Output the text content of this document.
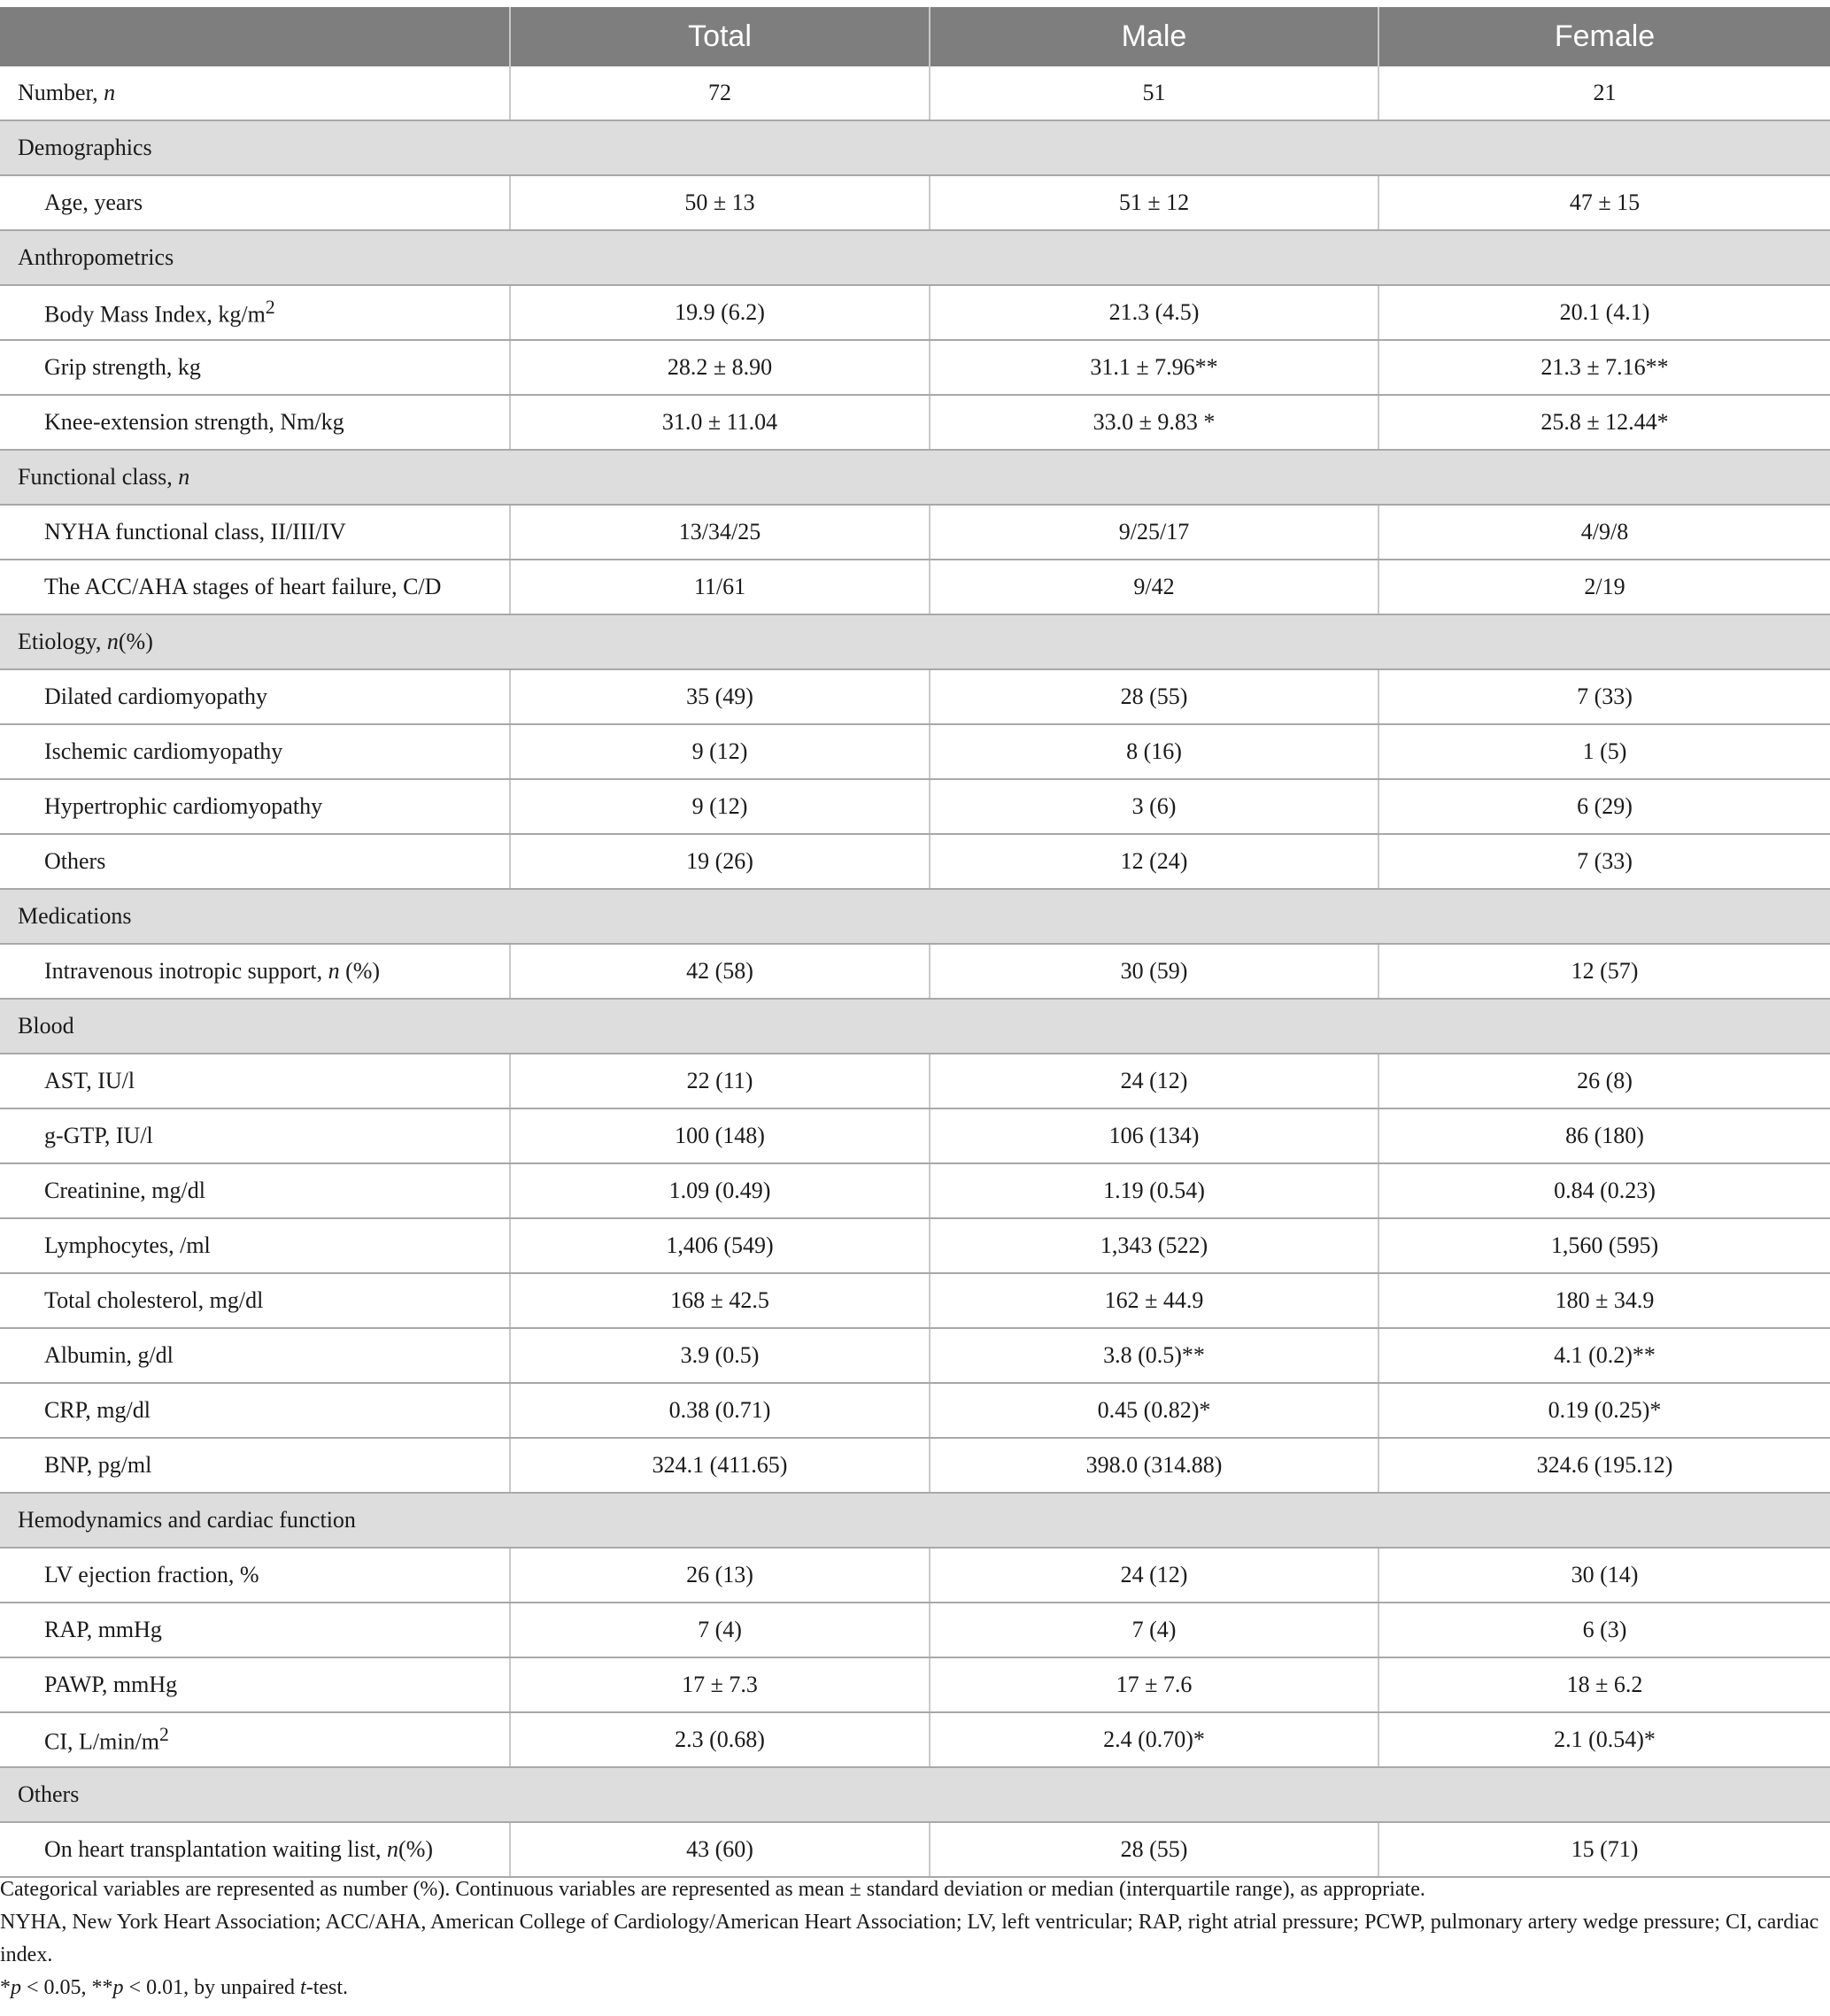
	Total	Male	Female
Number, n	72	51	21
Demographics			
Age, years	50 ± 13	51 ± 12	47 ± 15
Anthropometrics			
Body Mass Index, $kg/m^2$	19.9 (6.2)	21.3 (4.5)	20.1 (4.1)
Grip strength, kg	28.2 ± 8.90	31.1 ± 7.96**	21.3 ± 7.16**
Knee-extension strength, Nm/kg	31.0 ± 11.04	33.0 ± 9.83 *	25.8 ± 12.44*
Functional class, n			
NYHA functional class, II/III/IV	13/34/25	9/25/17	4/9/8
The ACC/AHA stages of heart failure, C/D	11/61	9/42	2/19
Etiology, n(%)			
Dilated cardiomyopathy	35 (49)	28 (55)	7 (33)
Ischemic cardiomyopathy	9 (12)	8 (16)	1 (5)
Hypertrophic cardiomyopathy	9 (12)	3 (6)	6 (29)
Others	19 (26)	12 (24)	7 (33)
Medications			
Intravenous inotropic support, n (%)	42 (58)	30 (59)	12 (57)
Blood			
AST, IU/l	22 (11)	24 (12)	26 (8)
g-GTP, IU/l	100 (148)	106 (134)	86 (180)
Creatinine, mg/dl	1.09 (0.49)	1.19 (0.54)	0.84 (0.23)
Lymphocytes, /ml	1,406 (549)	1,343 (522)	1,560 (595)
Total cholesterol, mg/dl	168 ± 42.5	162 ± 44.9	180 ± 34.9
Albumin, g/dl	3.9 (0.5)	3.8 (0.5)**	4.1 (0.2)**
CRP, mg/dl	0.38 (0.71)	0.45 (0.82)*	0.19 (0.25)*
BNP, pg/ml	324.1 (411.65)	398.0 (314.88)	324.6 (195.12)
Hemodynamics and cardiac function			
LV ejection fraction, %	26 (13)	24 (12)	30 (14)
RAP, mmHg	7 (4)	7 (4)	6 (3)
PAWP, mmHg	17 ± 7.3	17 ± 7.6	18 ± 6.2
CI, $L/\min/m^2$	2.3 (0.68)	2.4 (0.70)*	2.1 (0.54)*
Others			
On heart transplantation waiting list, n(%)	43 (60)	28 (55)	15 (71)

Categorical variables are represented as number (%). Continuous variables are represented as mean ± standard deviation or median (interquartile range), as appropriate.

NYHA, New York Heart Association; ACC/AHA, American College of Cardiology/American Heart Association; LV, left ventricular; RAP, right atrial pressure; PCWP, pulmonary artery wedge pressure; CI, cardiac index.

*p < 0.05, **p < 0.01, by unpaired t-test.
